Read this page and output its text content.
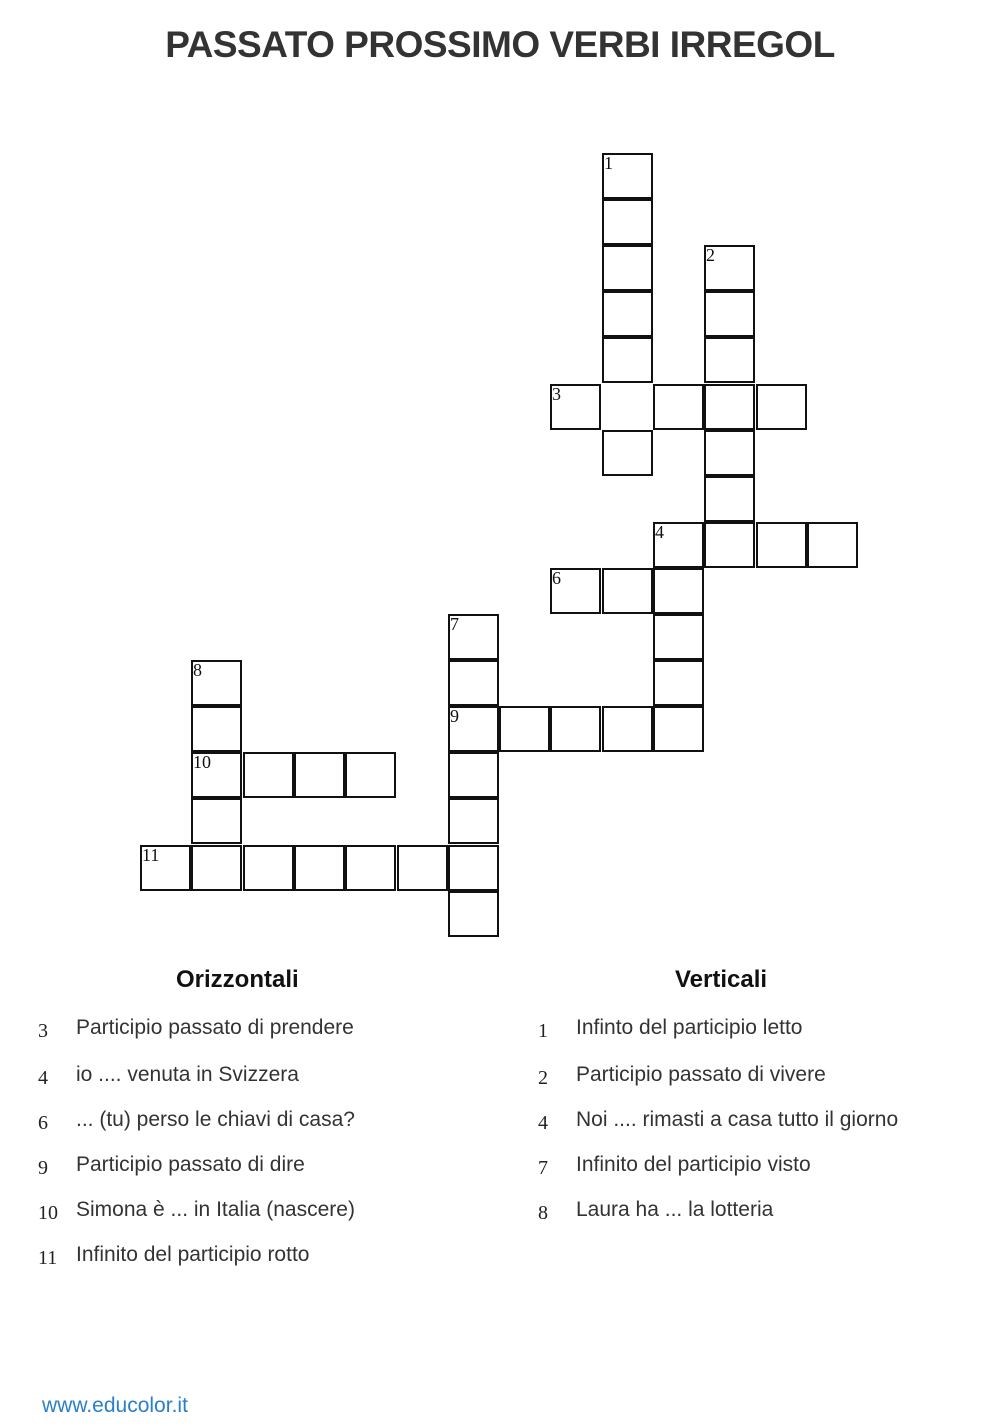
PASSATO PROSSIMO VERBI IRREGOL
1
2
3
4
6
7
9
8
10
11
Orizzontali	Verticali
3	Participio passato di prendere
4	io .... venuta in Svizzera
6	... (tu) perso le chiavi di casa?
9	Participio passato di dire
10 Simona è ... in Italia (nascere)
11 Infinito del participio rotto
1	Infinto del participio letto
2	Participio passato di vivere
4	Noi .... rimasti a casa tutto il giorno
7	Infinito del participio visto
8	Laura ha ... la lotteria
www.educolor.it
